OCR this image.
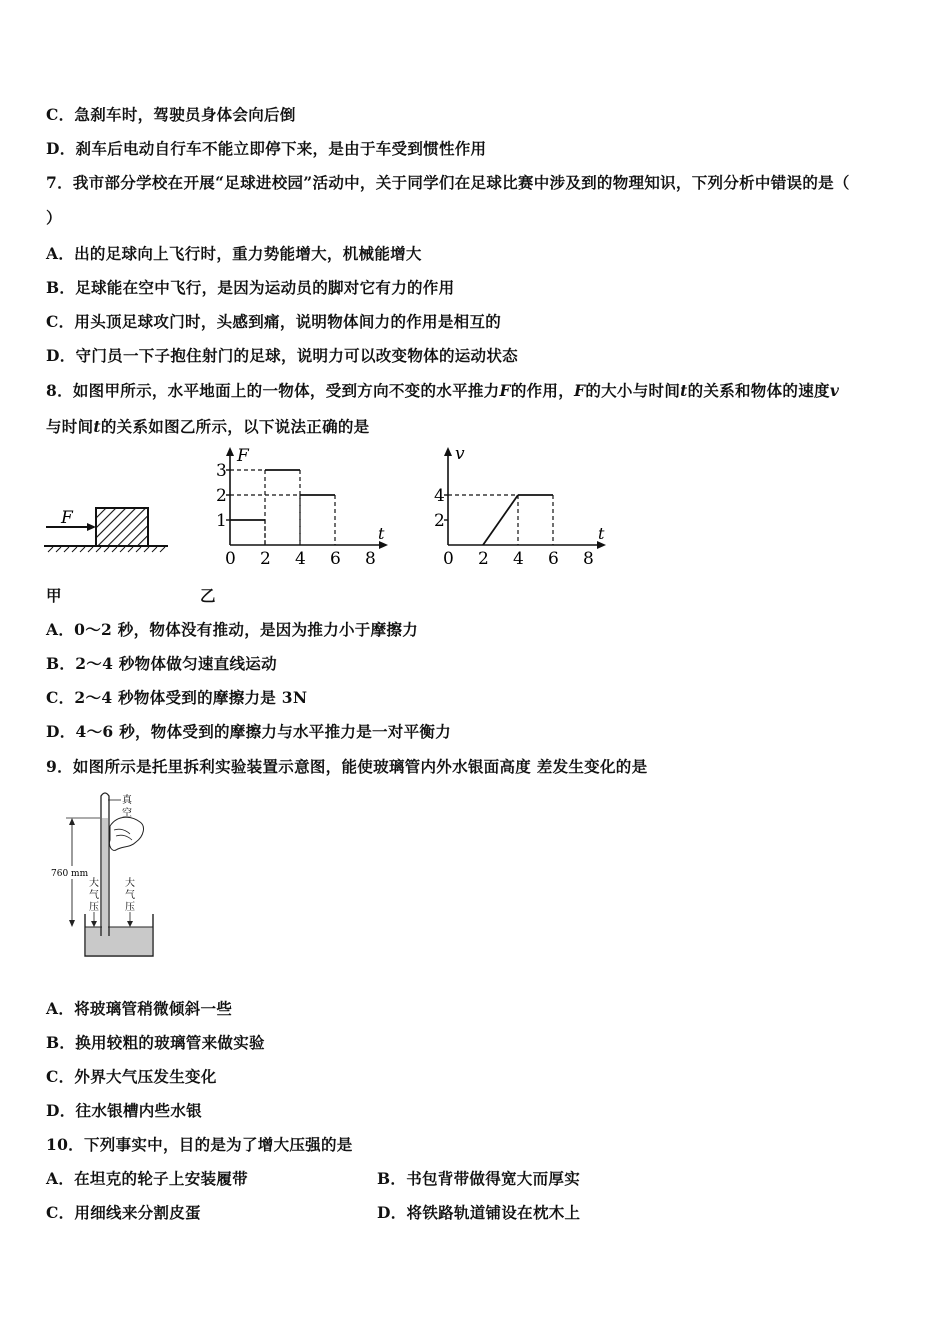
C．急刹车时，驾驶员身体会向后倒
D．刹车后电动自行车不能立即停下来，是由于车受到惯性作用
7．我市部分学校在开展“足球进校园”活动中，关于同学们在足球比赛中涉及到的物理知识，下列分析中错误的是（
）
A．出的足球向上飞行时，重力势能增大，机械能增大
B．足球能在空中飞行，是因为运动员的脚对它有力的作用
C．用头顶足球攻门时，头感到痛，说明物体间力的作用是相互的
D．守门员一下子抱住射门的足球，说明力可以改变物体的运动状态
8．如图甲所示，水平地面上的一物体，受到方向不变的水平推力F的作用，F的大小与时间t的关系和物体的速度v
与时间t的关系如图乙所示，以下说法正确的是
F
F
t
0 2 4 6 8
1
2
3
v
t
0 2 4 6 8
2
4
甲	乙
A．0～2 秒，物体没有推动，是因为推力小于摩擦力
B．2～4 秒物体做匀速直线运动
C．2～4 秒物体受到的摩擦力是 3N
D．4～6 秒，物体受到的摩擦力与水平推力是一对平衡力
9．如图所示是托里拆利实验装置示意图，能使玻璃管内外水银面高度 差发生变化的是
真
空
760 mm
大
气
压
大
气
压
A．将玻璃管稍微倾斜一些
B．换用较粗的玻璃管来做实验
C．外界大气压发生变化
D．往水银槽内些水银
10．下列事实中，目的是为了增大压强的是
A．在坦克的轮子上安装履带	B．书包背带做得宽大而厚实
C．用细线来分割皮蛋	D．将铁路轨道铺设在枕木上
